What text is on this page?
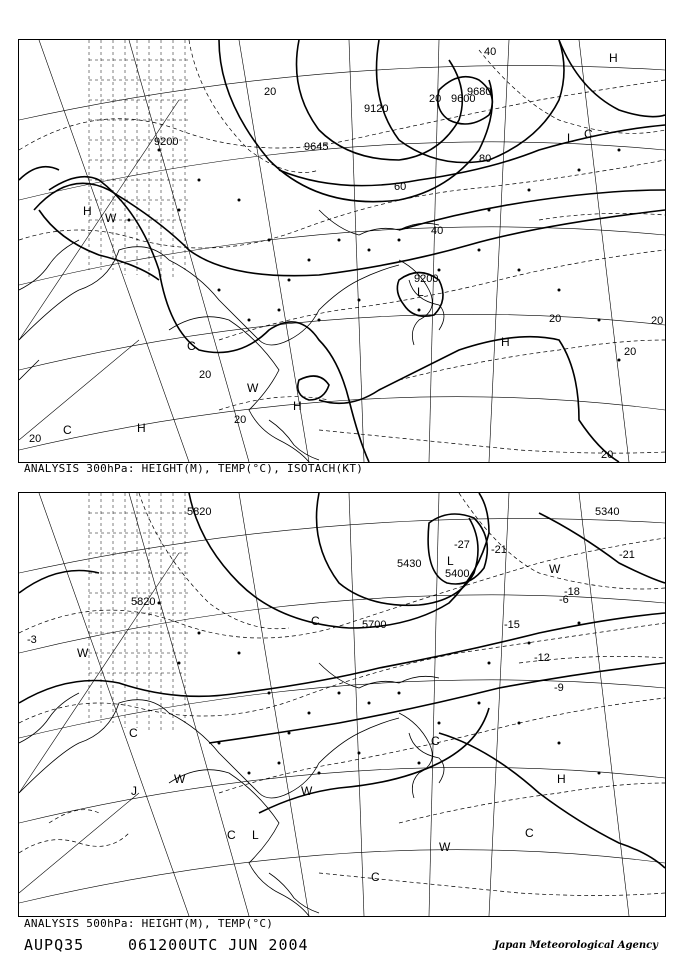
9200
9600
9680
9120
9645
9200
20
40
60
80
20
40
20
20
20
20
20
20
20
H W
C	H
C	H
H
W
L C
L
H
ANALYSIS 300hPa: HEIGHT(M), TEMP(°C), ISOTACH(KT)
5820
5820
5700
5430
5400
5340
-3
-6
-9
-12
-15
-18
-21	-21
-27
W
C
C
L
W
W
C
W
C
L
C
W
C
H
J
ANALYSIS 500hPa: HEIGHT(M), TEMP(°C)
AUPQ35	061200UTC JUN 2004	Japan Meteorological Agency
